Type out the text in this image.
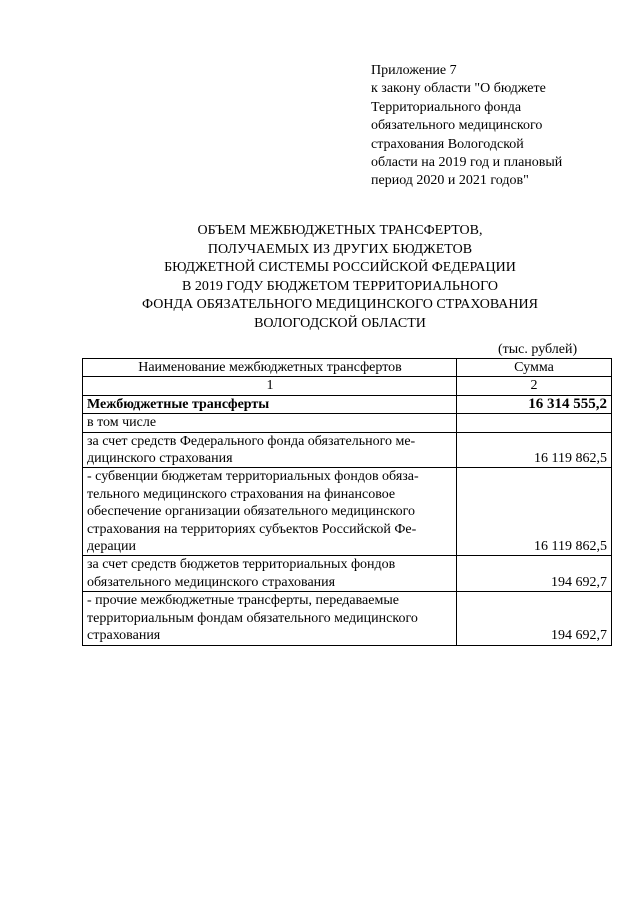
Приложение 7
к закону области "О бюджете
Территориального фонда
обязательного медицинского
страхования Вологодской
области на 2019 год и плановый
период 2020 и 2021 годов"
ОБЪЕМ МЕЖБЮДЖЕТНЫХ ТРАНСФЕРТОВ,
ПОЛУЧАЕМЫХ ИЗ ДРУГИХ БЮДЖЕТОВ
БЮДЖЕТНОЙ СИСТЕМЫ РОССИЙСКОЙ ФЕДЕРАЦИИ
В 2019 ГОДУ БЮДЖЕТОМ ТЕРРИТОРИАЛЬНОГО
ФОНДА ОБЯЗАТЕЛЬНОГО МЕДИЦИНСКОГО СТРАХОВАНИЯ
ВОЛОГОДСКОЙ ОБЛАСТИ
(тыс. рублей)
Наименование межбюджетных трансфертов	Сумма
1	2

Межбюджетные трансферты	16 314 555,2

в том числе	

за счет средств Федерального фонда обязательного ме-
дицинского страхования	16 119 862,5

- субвенции бюджетам территориальных фондов обяза-
тельного медицинского страхования на финансовое
обеспечение организации обязательного медицинского
страхования на территориях субъектов Российской Фе-
дерации	16 119 862,5

за счет средств бюджетов территориальных фондов
обязательного медицинского страхования	194 692,7

- прочие межбюджетные трансферты, передаваемые
территориальным фондам обязательного медицинского
страхования	194 692,7
